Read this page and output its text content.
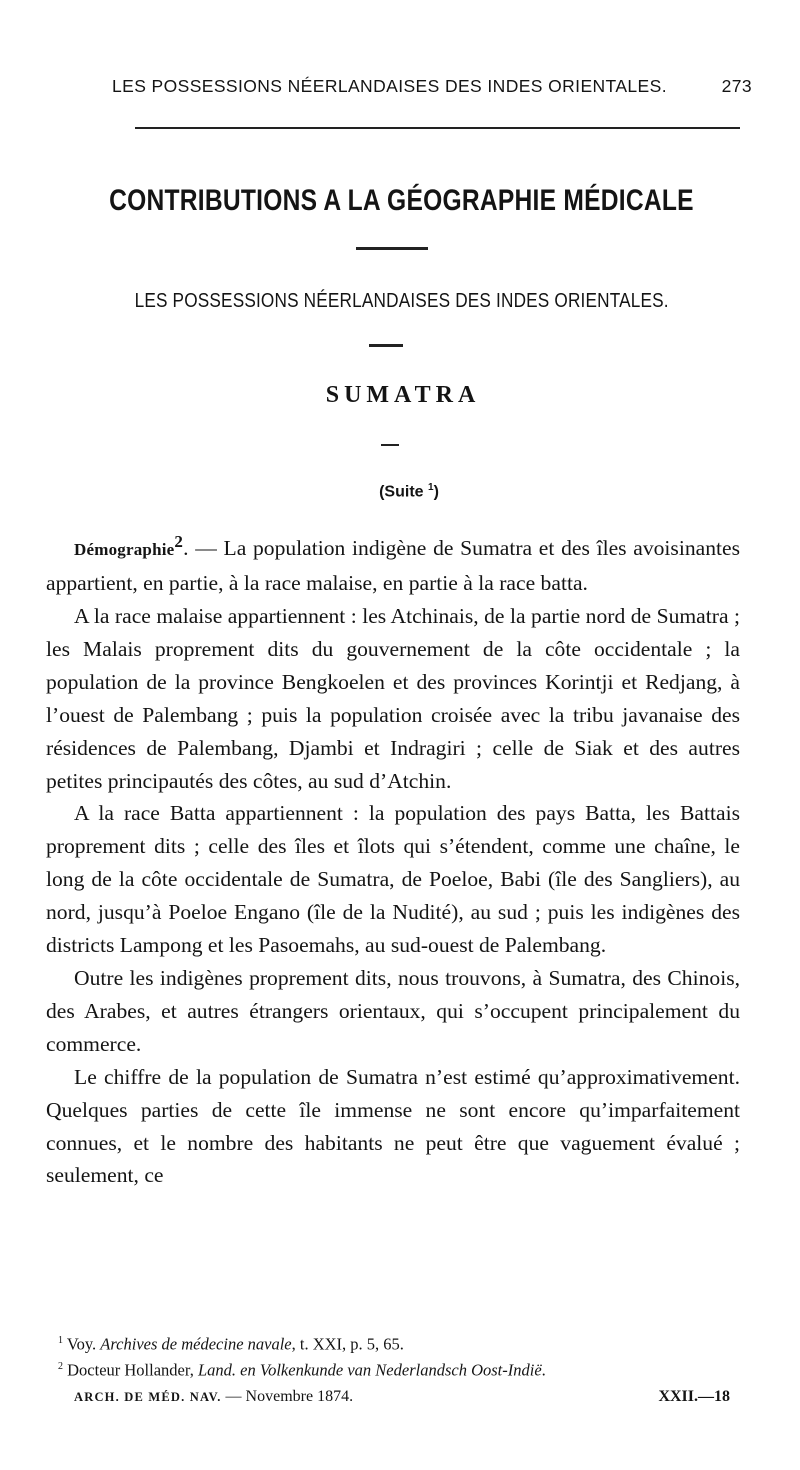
LES POSSESSIONS NÉERLANDAISES DES INDES ORIENTALES.	273
CONTRIBUTIONS A LA GÉOGRAPHIE MÉDICALE
LES POSSESSIONS NÉERLANDAISES DES INDES ORIENTALES.
SUMATRA
(Suite $^1$)

Démographie$^2$. — La population indigène de Sumatra et des îles avoisinantes appartient, en partie, à la race malaise, en partie à la race batta.

A la race malaise appartiennent : les Atchinais, de la partie nord de Sumatra ; les Malais proprement dits du gouvernement de la côte occidentale ; la population de la province Bengkoelen et des provinces Korintji et Redjang, à l’ouest de Palembang ; puis la population croisée avec la tribu javanaise des résidences de Palembang, Djambi et Indragiri ; celle de Siak et des autres petites principautés des côtes, au sud d’Atchin.

A la race Batta appartiennent : la population des pays Batta, les Battais proprement dits ; celle des îles et îlots qui s’étendent, comme une chaîne, le long de la côte occidentale de Sumatra, de Poeloe, Babi (île des Sangliers), au nord, jusqu’à Poeloe Engano (île de la Nudité), au sud ; puis les indigènes des districts Lampong et les Pasoemahs, au sud-ouest de Palembang.

Outre les indigènes proprement dits, nous trouvons, à Sumatra, des Chinois, des Arabes, et autres étrangers orientaux, qui s’occupent principalement du commerce.

Le chiffre de la population de Sumatra n’est estimé qu’approximativement. Quelques parties de cette île immense ne sont encore qu’imparfaitement connues, et le nombre des habitants ne peut être que vaguement évalué ; seulement, ce

$^1$ Voy. Archives de médecine navale, t. XXI, p. 5, 65.

$^2$ Docteur Hollander, Land. en Volkenkunde van Nederlandsch Oost-Indië.

ARCH. DE MÉD. NAV. — Novembre 1874.	XXII.—18
